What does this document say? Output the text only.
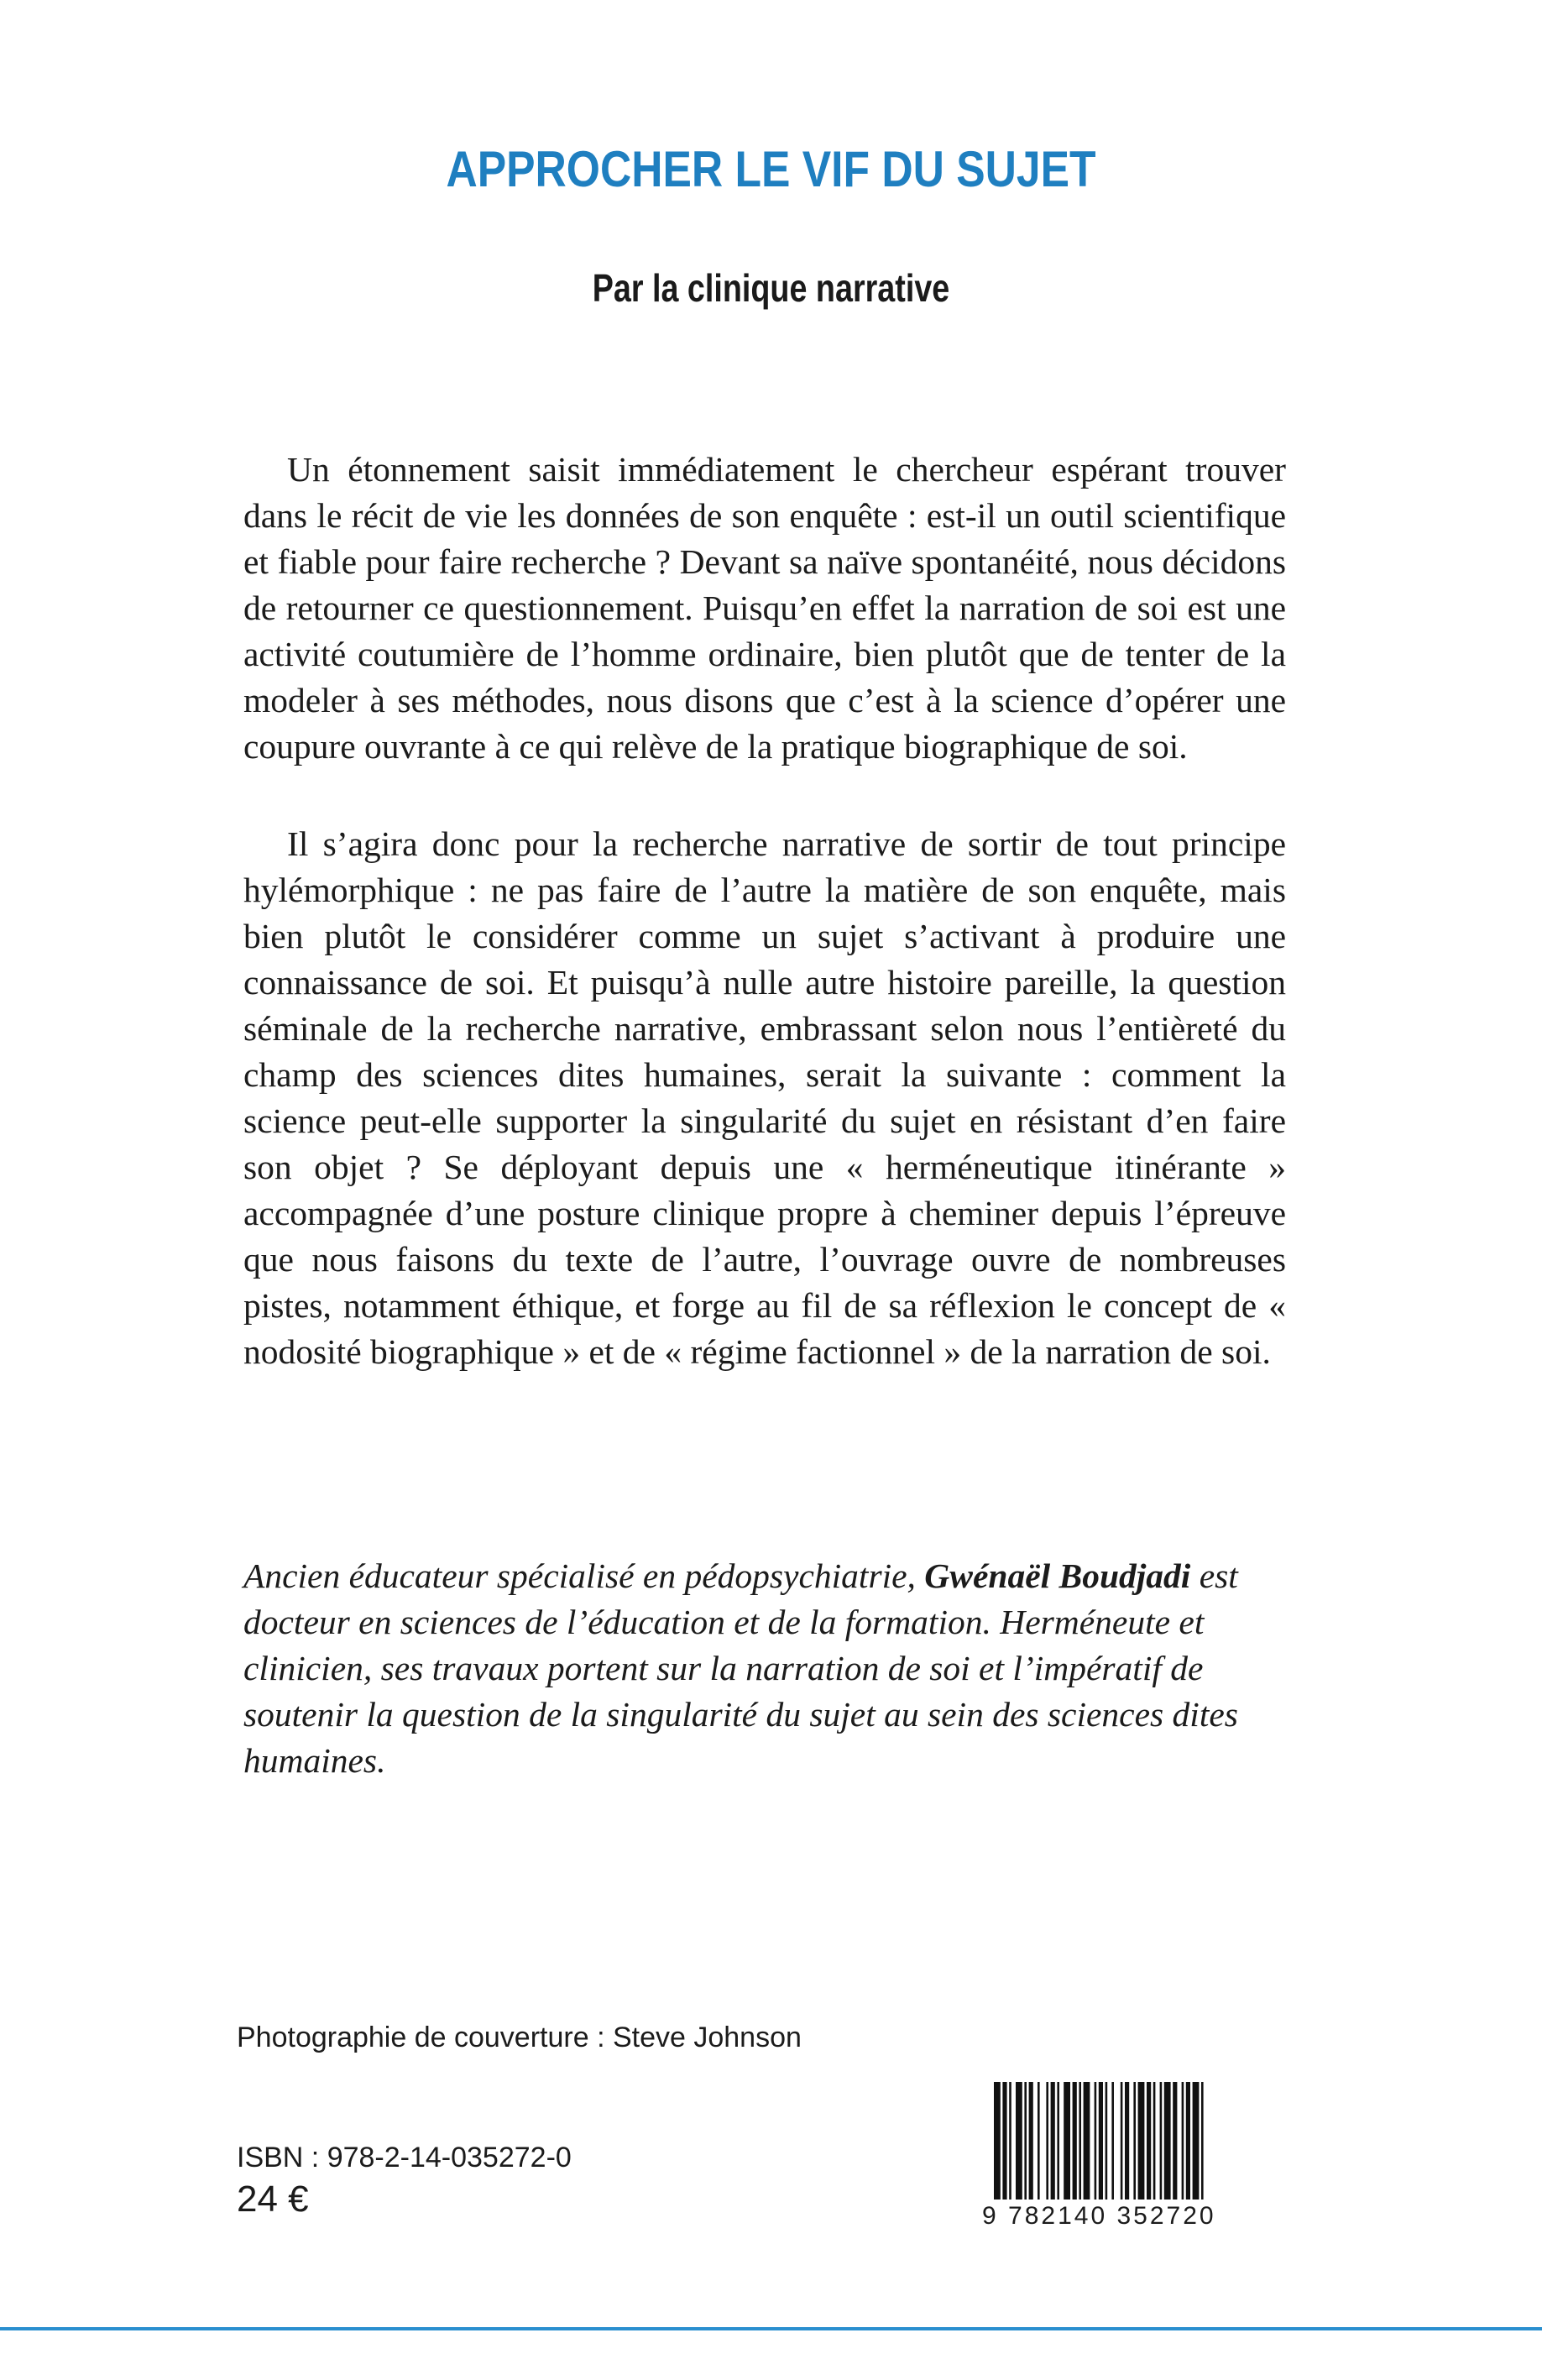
APPROCHER LE VIF DU SUJET
Par la clinique narrative

Un étonnement saisit immédiatement le chercheur espérant trouver dans le récit de vie les données de son enquête : est-il un outil scientifique et fiable pour faire recherche ? Devant sa naïve spontanéité, nous décidons de retourner ce questionnement. Puisqu’en effet la narration de soi est une activité coutumière de l’homme ordinaire, bien plutôt que de tenter de la modeler à ses méthodes, nous disons que c’est à la science d’opérer une coupure ouvrante à ce qui relève de la pratique biographique de soi.

Il s’agira donc pour la recherche narrative de sortir de tout principe hylémorphique : ne pas faire de l’autre la matière de son enquête, mais bien plutôt le considérer comme un sujet s’activant à produire une connaissance de soi. Et puisqu’à nulle autre histoire pareille, la question séminale de la recherche narrative, embrassant selon nous l’entièreté du champ des sciences dites humaines, serait la suivante : comment la science peut-elle supporter la singularité du sujet en résistant d’en faire son objet ? Se déployant depuis une « herméneutique itinérante » accompagnée d’une posture clinique propre à cheminer depuis l’épreuve que nous faisons du texte de l’autre, l’ouvrage ouvre de nombreuses pistes, notamment éthique, et forge au fil de sa réflexion le concept de « nodosité biographique » et de « régime factionnel » de la narration de soi.

Ancien éducateur spécialisé en pédopsychiatrie, Gwénaël Boudjadi est docteur en sciences de l’éducation et de la formation. Herméneute et clinicien, ses travaux portent sur la narration de soi et l’impératif de soutenir la question de la singularité du sujet au sein des sciences dites humaines.

Photographie de couverture : Steve Johnson
ISBN : 978-2-14-035272-0
24 €	9 782140 352720
